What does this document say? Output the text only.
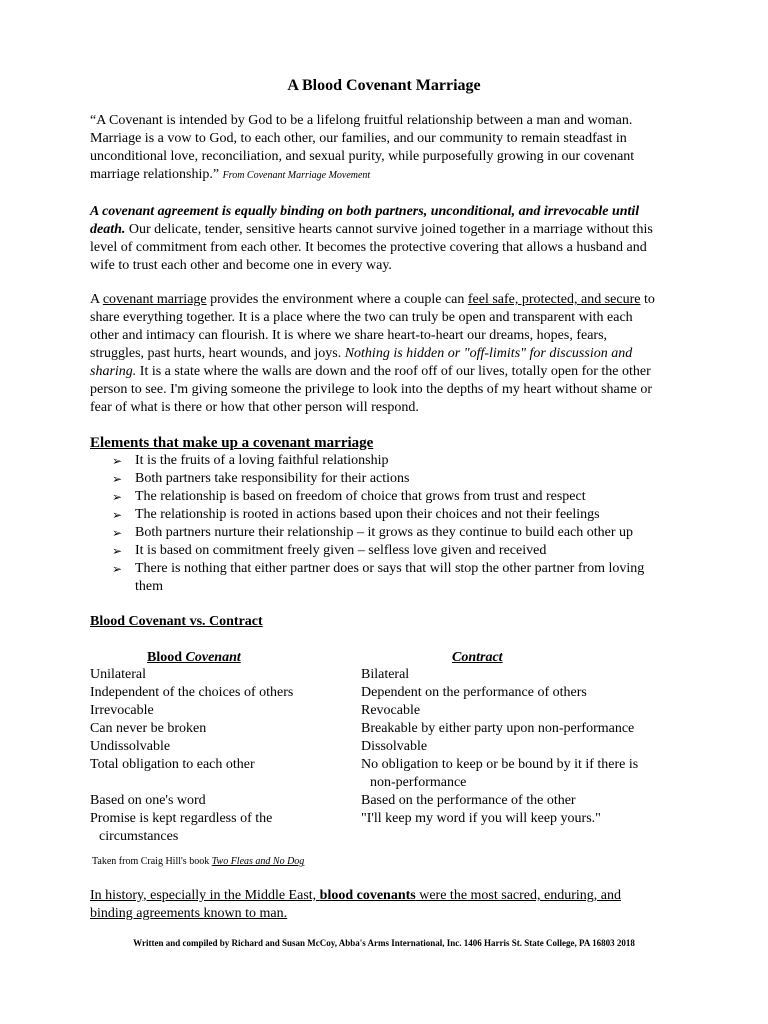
A Blood Covenant Marriage
“A Covenant is intended by God to be a lifelong fruitful relationship between a man and woman.
Marriage is a vow to God, to each other, our families, and our community to remain steadfast in
unconditional love, reconciliation, and sexual purity, while purposefully growing in our covenant
marriage relationship.” From Covenant Marriage Movement
A covenant agreement is equally binding on both partners, unconditional, and irrevocable until
death. Our delicate, tender, sensitive hearts cannot survive joined together in a marriage without this
level of commitment from each other. It becomes the protective covering that allows a husband and
wife to trust each other and become one in every way.
A covenant marriage provides the environment where a couple can feel safe, protected, and secure to
share everything together. It is a place where the two can truly be open and transparent with each
other and intimacy can flourish. It is where we share heart-to-heart our dreams, hopes, fears,
struggles, past hurts, heart wounds, and joys. Nothing is hidden or "off-limits" for discussion and
sharing. It is a state where the walls are down and the roof off of our lives, totally open for the other
person to see. I'm giving someone the privilege to look into the depths of my heart without shame or
fear of what is there or how that other person will respond.
Elements that make up a covenant marriage
➢ It is the fruits of a loving faithful relationship
➢ Both partners take responsibility for their actions
➢ The relationship is based on freedom of choice that grows from trust and respect
➢ The relationship is rooted in actions based upon their choices and not their feelings
➢ Both partners nurture their relationship – it grows as they continue to build each other up
➢ It is based on commitment freely given – selfless love given and received
➢ There is nothing that either partner does or says that will stop the other partner from loving
them
Blood Covenant vs. Contract
Blood Covenant	Contract
Unilateral
Independent of the choices of others
Irrevocable
Can never be broken
Undissolvable
Total obligation to each other
Based on one's word
Promise is kept regardless of the
circumstances
Bilateral
Dependent on the performance of others
Revocable
Breakable by either party upon non-performance
Dissolvable
No obligation to keep or be bound by it if there is
non-performance
Based on the performance of the other
"I'll keep my word if you will keep yours."
Taken from Craig Hill's book Two Fleas and No Dog
In history, especially in the Middle East, blood covenants were the most sacred, enduring, and
binding agreements known to man.
Written and compiled by Richard and Susan McCoy, Abba's Arms International, Inc. 1406 Harris St. State College, PA 16803 2018
